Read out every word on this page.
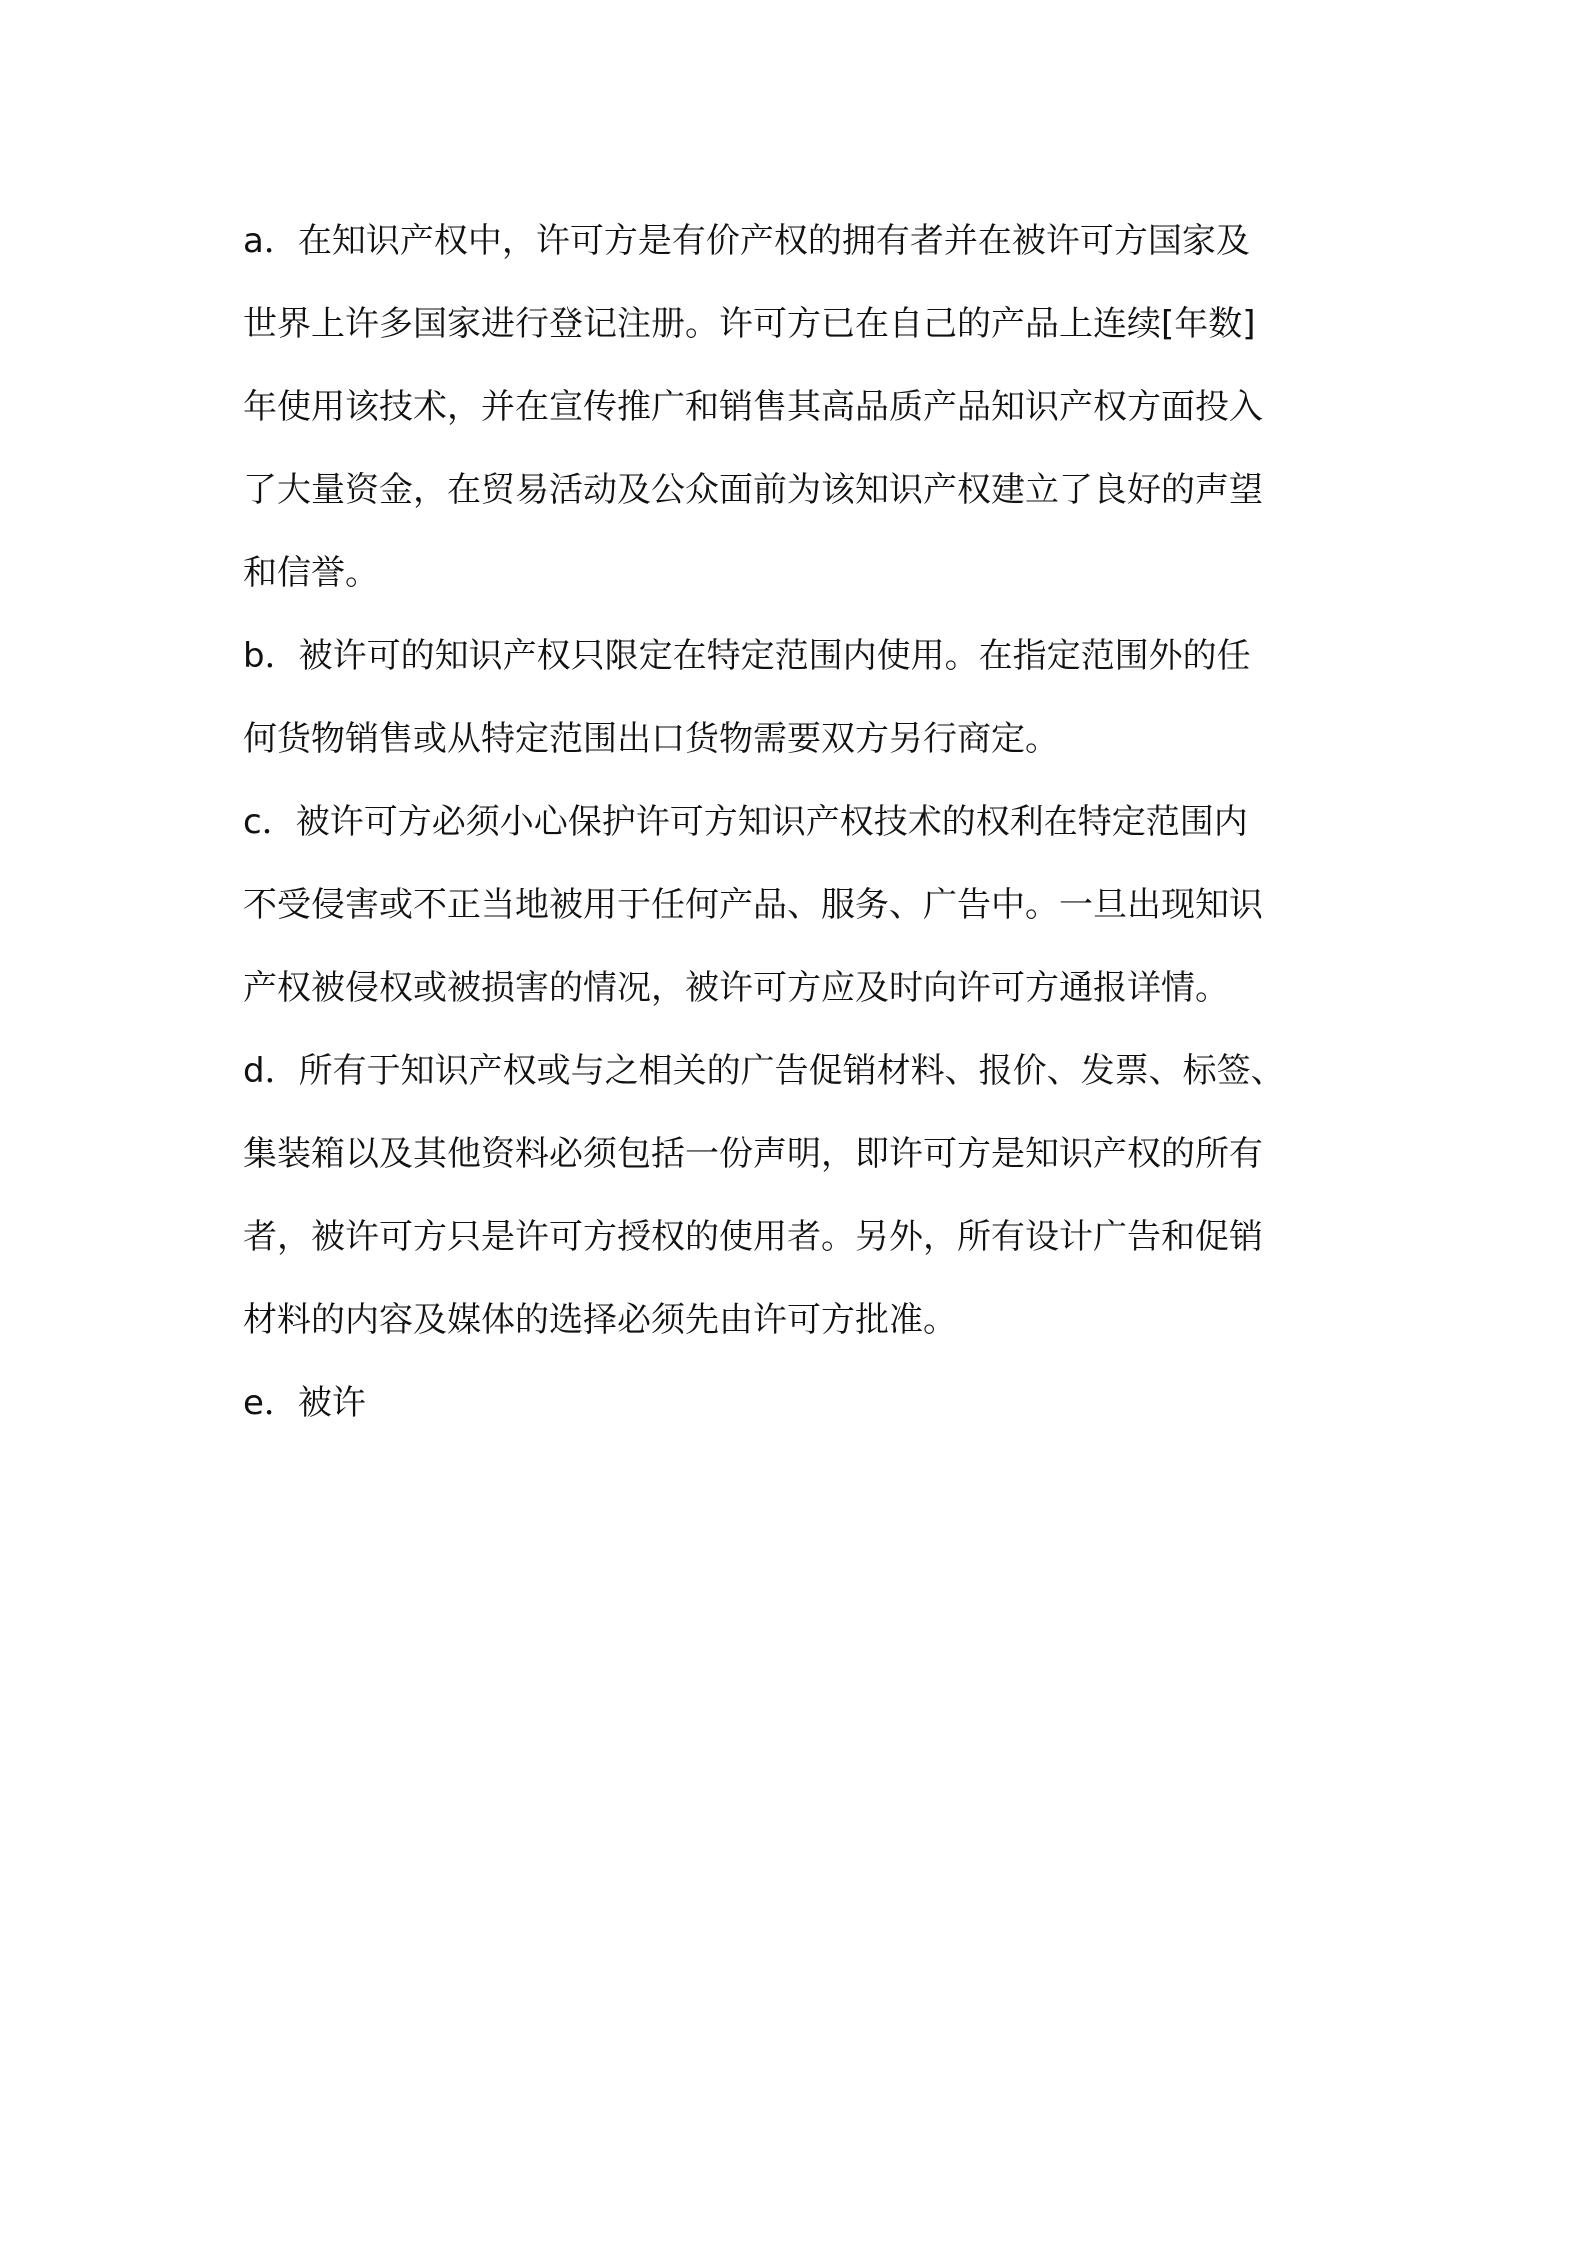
a．在知识产权中，许可方是有价产权的拥有者并在被许可方国家及
世界上许多国家进行登记注册。许可方已在自己的产品上连续[年数]
年使用该技术，并在宣传推广和销售其高品质产品知识产权方面投入
了大量资金，在贸易活动及公众面前为该知识产权建立了良好的声望
和信誉。
b．被许可的知识产权只限定在特定范围内使用。在指定范围外的任
何货物销售或从特定范围出口货物需要双方另行商定。
c．被许可方必须小心保护许可方知识产权技术的权利在特定范围内
不受侵害或不正当地被用于任何产品、服务、广告中。一旦出现知识
产权被侵权或被损害的情况，被许可方应及时向许可方通报详情。
d．所有于知识产权或与之相关的广告促销材料、报价、发票、标签、
集装箱以及其他资料必须包括一份声明，即许可方是知识产权的所有
者，被许可方只是许可方授权的使用者。另外，所有设计广告和促销
材料的内容及媒体的选择必须先由许可方批准。
e．被许
